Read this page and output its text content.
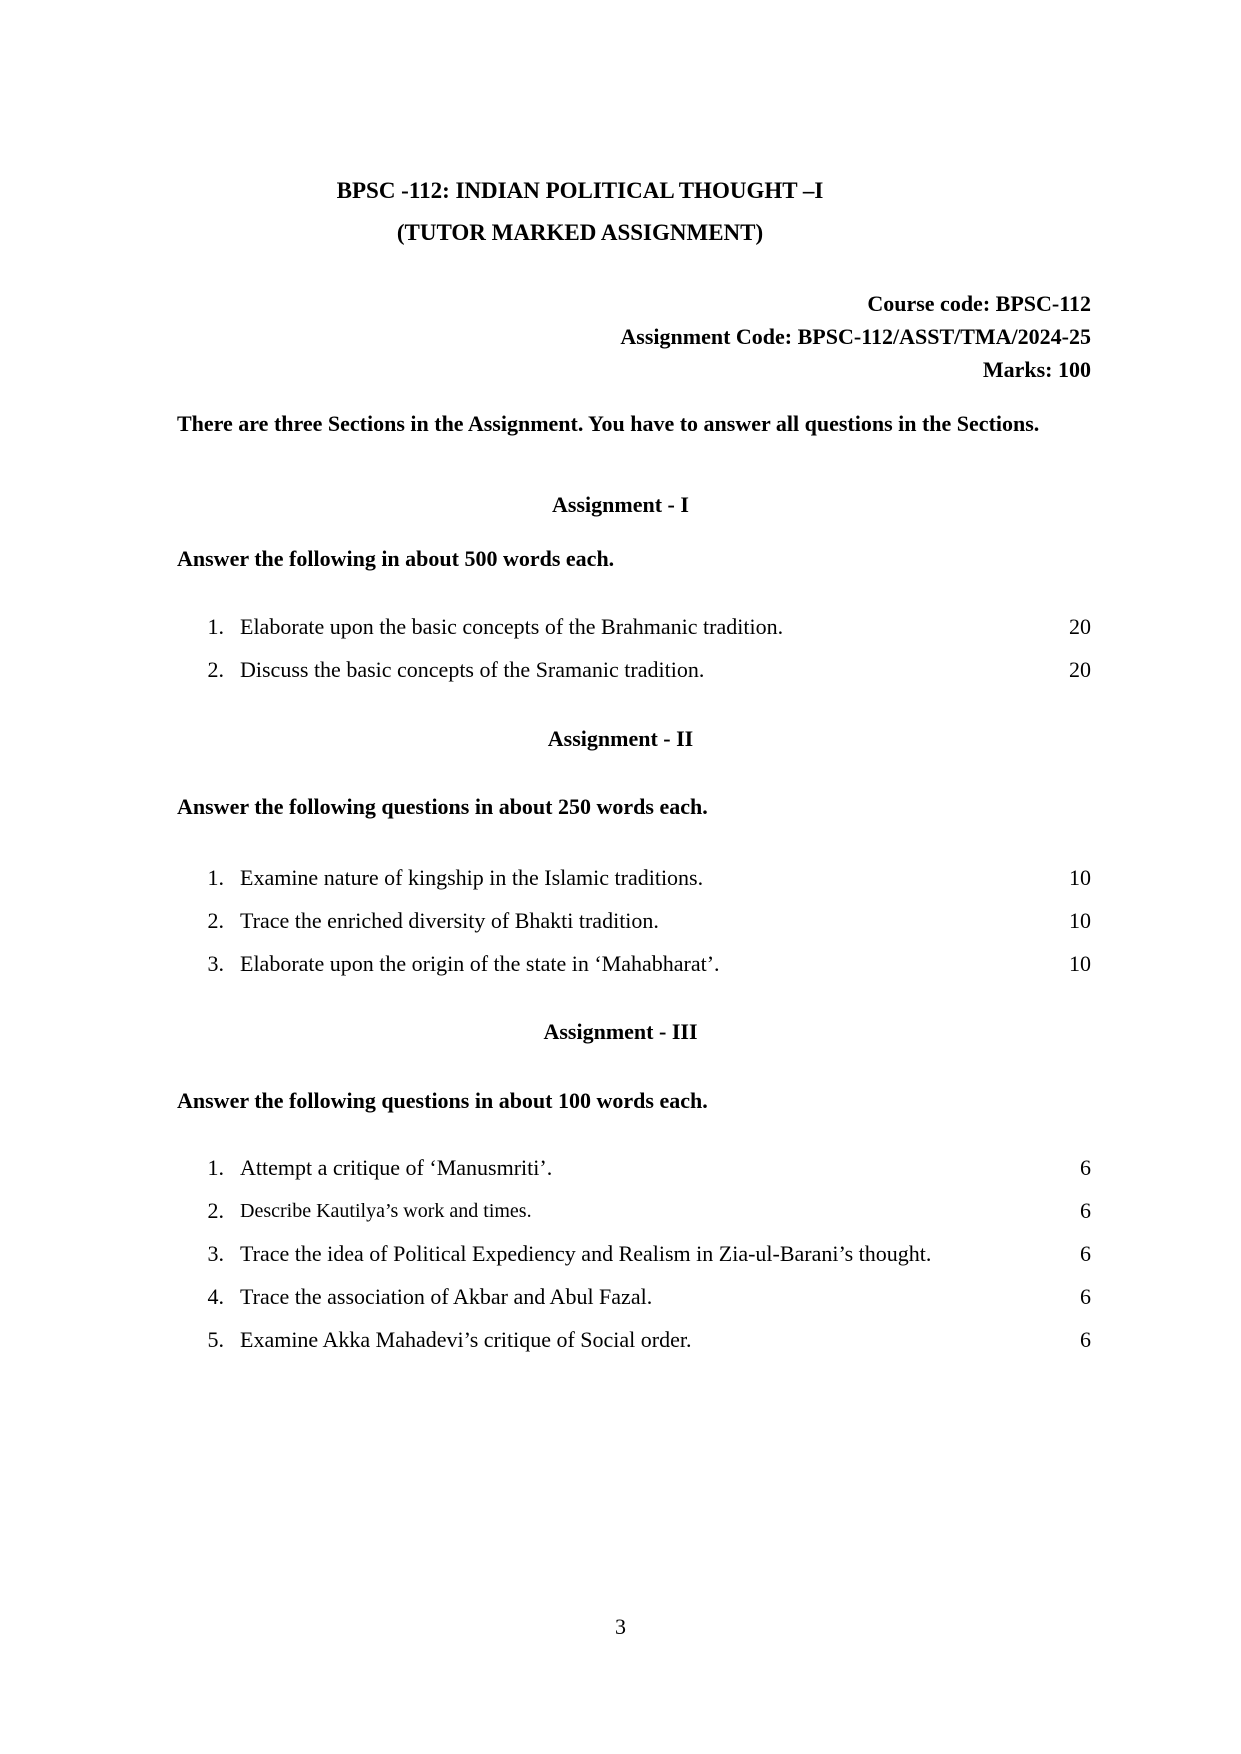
BPSC -112: INDIAN POLITICAL THOUGHT –I
(TUTOR MARKED ASSIGNMENT)
Course code: BPSC-112
Assignment Code: BPSC-112/ASST/TMA/2024-25
Marks: 100
There are three Sections in the Assignment. You have to answer all questions in the Sections.
Assignment - I
Answer the following in about 500 words each.
1. Elaborate upon the basic concepts of the Brahmanic tradition.	20
2. Discuss the basic concepts of the Sramanic tradition.	20
Assignment - II
Answer the following questions in about 250 words each.
1. Examine nature of kingship in the Islamic traditions.	10
2. Trace the enriched diversity of Bhakti tradition.	10
3. Elaborate upon the origin of the state in ‘Mahabharat’.	10
Assignment - III
Answer the following questions in about 100 words each.
1. Attempt a critique of ‘Manusmriti’.	6
2. Describe Kautilya’s work and times.	6
3. Trace the idea of Political Expediency and Realism in Zia-ul-Barani’s thought.	6
4. Trace the association of Akbar and Abul Fazal.	6
5. Examine Akka Mahadevi’s critique of Social order.	6
3
